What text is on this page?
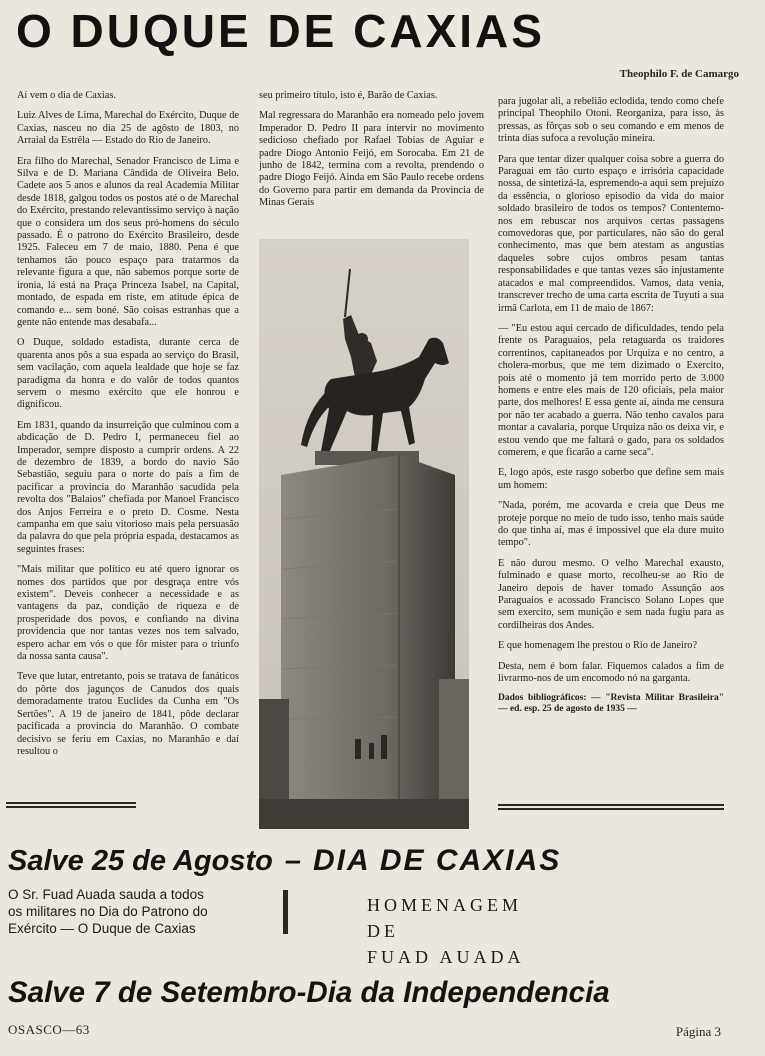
O DUQUE DE CAXIAS
Theophilo F. de Camargo

Aí vem o dia de Caxias.

Luiz Alves de Lima, Marechal do Exército, Duque de Caxias, nasceu no dia 25 de agôsto de 1803, no Arraial da Estrêla — Estado do Rio de Janeiro.

Era filho do Marechal, Senador Francisco de Lima e Silva e de D. Mariana Cândida de Oliveira Belo. Cadete aos 5 anos e alunos da real Academia Militar desde 1818, galgou todos os postos até o de Marechal do Exército, prestando relevantíssimo serviço à nação que o considera um dos seus pró-homens do século passado. É o patrono do Exército Brasileiro, desde 1925. Faleceu em 7 de maio, 1880. Pena é que tenhamos tão pouco espaço para tratarmos da relevante figura a que, não sabemos porque sorte de ironia, lá está na Praça Princeza Isabel, na Capital, montado, de espada em riste, em atitude épica de comando e... sem boné. São coisas estranhas que a gente não entende mas desabafa...

O Duque, soldado estadista, durante cerca de quarenta anos pôs a sua espada ao serviço do Brasil, sem vacilação, com aquela lealdade que hoje se faz paradigma da honra e do valôr de todos quantos servem o mesmo exército que ele honrou e dignificou.

Em 1831, quando da insurreição que culminou com a abdicação de D. Pedro I, permaneceu fiel ao Imperador, sempre disposto a cumprir ordens. A 22 de dezembro de 1839, a bordo do navio São Sebastião, seguiu para o norte do país a fim de pacificar a provincia do Maranhão sacudida pela revolta dos "Balaios" chefiada por Manoel Francisco dos Anjos Ferreira e o preto D. Cosme. Nesta campanha em que saiu vitorioso mais pela persuasão da palavra do que pela própria espada, destacamos as seguintes frases:

"Mais militar que político eu até quero ignorar os nomes dos partidos que por desgraça entre vós existem". Deveis conhecer a necessidade e as vantagens da paz, condição de riqueza e de prosperidade dos povos, e confiando na divina providencia que nor tantas vezes nos tem salvado, espero achar em vós o que fôr mister para o triunfo da nossa santa causa".

Teve que lutar, entretanto, pois se tratava de fanáticos do pôrte dos jagunços de Canudos dos quais demoradamente tratou Euclides da Cunha em "Os Sertões". A 19 de janeiro de 1841, pôde declarar pacificada a provincia do Maranhão. O combate decisivo se feriu em Caxias, no Maranhão e daí resultou o

seu primeiro título, isto é, Barão de Caxias.

Mal regressara do Maranhão era nomeado pelo jovem Imperador D. Pedro II para intervir no movimento sedicioso chefiado por Rafael Tobias de Aguiar e padre Diogo Antonio Feijó, em Sorocaba. Em 21 de junho de 1842, termina com a revolta, prendendo o padre Diogo Feijó. Ainda em São Paulo recebe ordens do Governo para partir em demanda da Provincia de Minas Gerais

para jugolar ali, a rebelião eclodida, tendo como chefe principal Theophilo Otoni. Reorganiza, para isso, às pressas, as fôrças sob o seu comando e em menos de trinta dias sufoca a revolução mineira.

Para que tentar dizer qualquer coisa sobre a guerra do Paraguai em tão curto espaço e irrisória capacidade nossa, de sintetizá-la, espremendo-a aqui sem prejuízo da essência, o glorioso episodio da vida do maior soldado brasileiro de todos os tempos? Contentemo-nos em rebuscar nos arquivos certas passagens comovedoras que, por particulares, não são do geral conhecimento, mas que bem atestam as angustias daqueles sobre cujos ombros pesam tantas responsabilidades e que tantas vezes são injustamente atacados e mal compreendidos. Vamos, data venia, transcrever trecho de uma carta escrita de Tuyuti a sua irmã Carlota, em 11 de maio de 1867:

— "Eu estou aqui cercado de dificuldades, tendo pela frente os Paraguaios, pela retaguarda os traidores correntinos, capitaneados por Urquiza e no centro, a cholera-morbus, que me tem dizimado o Exercito, pois até o momento já tem morrido perto de 3.000 homens e entre eles mais de 120 oficiais, pela maior parte, dos melhores! E essa gente aí, ainda me censura por não ter acabado a guerra. Não tenho cavalos para montar a cavalaria, porque Urquiza não os deixa vir, e estou vendo que me faltará o gado, para os soldados comerem, e que ficarão a carne seca".

E, logo após, este rasgo soberbo que define sem mais um homem:

"Nada, porém, me acovarda e creia que Deus me proteje porque no meio de tudo isso, tenho mais saúde do que tinha aí, mas é impossivel que ela dure muito tempo".

E não durou mesmo. O velho Marechal exausto, fulminado e quase morto, recolheu-se ao Rio de Janeiro depois de haver tomado Assunção aos Paraguaios e acossado Francisco Solano Lopes que sem exercito, sem munição e sem nada fugiu para as cordilheiras dos Andes.

E que homenagem lhe prestou o Rio de Janeiro?

Desta, nem é bom falar. Fiquemos calados a fim de livrarmo-nos de um encomodo nó na garganta.

Dados bibliográficos: — "Revista Militar Brasileira" — ed. esp. 25 de agosto de 1935 —

Salve 25 de Agosto – DIA DE CAXIAS
O Sr. Fuad Auada sauda a todos os militares no Dia do Patrono do Exército — O Duque de Caxias
HOMENAGEM
DE
FUAD AUADA
Salve 7 de Setembro-Dia da Independencia
OSASCO—63	Página 3
